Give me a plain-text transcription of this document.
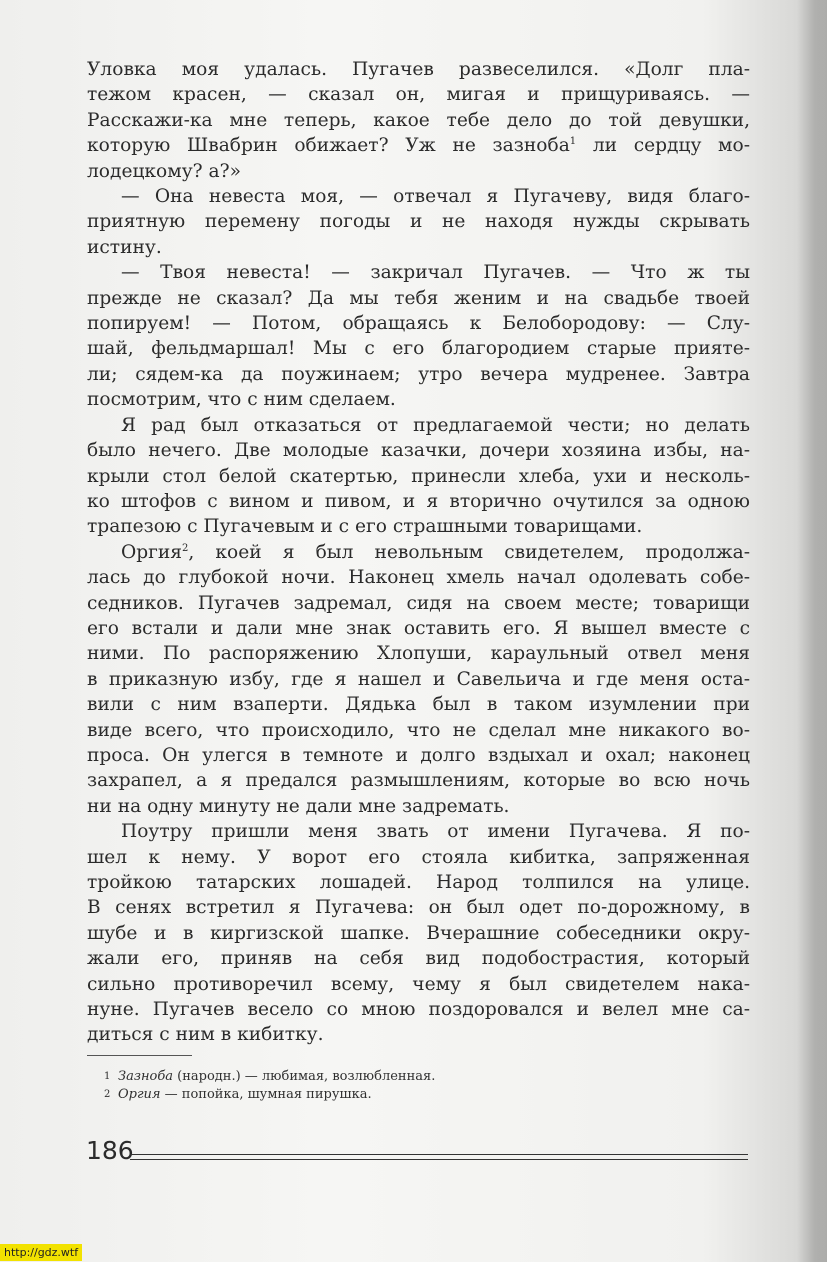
Уловка моя удалась. Пугачев развеселился. «Долг пла-
тежом красен, — сказал он, мигая и прищуриваясь. —
Расскажи-ка мне теперь, какое тебе дело до той девушки,
которую Швабрин обижает? Уж не зазноба$^1$ ли сердцу мо-
лодецкому? а?»

— Она невеста моя, — отвечал я Пугачеву, видя благо-
приятную перемену погоды и не находя нужды скрывать
истину.

— Твоя невеста! — закричал Пугачев. — Что ж ты
прежде не сказал? Да мы тебя женим и на свадьбе твоей
попируем! — Потом, обращаясь к Белобородову: — Слу-
шай, фельдмаршал! Мы с его благородием старые прияте-
ли; сядем-ка да поужинаем; утро вечера мудренее. Завтра
посмотрим, что с ним сделаем.

Я рад был отказаться от предлагаемой чести; но делать
было нечего. Две молодые казачки, дочери хозяина избы, на-
крыли стол белой скатертью, принесли хлеба, ухи и несколь-
ко штофов с вином и пивом, и я вторично очутился за одною
трапезою с Пугачевым и с его страшными товарищами.

Оргия$^2$, коей я был невольным свидетелем, продолжа-
лась до глубокой ночи. Наконец хмель начал одолевать собе-
седников. Пугачев задремал, сидя на своем месте; товарищи
его встали и дали мне знак оставить его. Я вышел вместе с
ними. По распоряжению Хлопуши, караульный отвел меня
в приказную избу, где я нашел и Савельича и где меня оста-
вили с ним взаперти. Дядька был в таком изумлении при
виде всего, что происходило, что не сделал мне никакого во-
проса. Он улегся в темноте и долго вздыхал и охал; наконец
захрапел, а я предался размышлениям, которые во всю ночь
ни на одну минуту не дали мне задремать.

Поутру пришли меня звать от имени Пугачева. Я по-
шел к нему. У ворот его стояла кибитка, запряженная
тройкою татарских лошадей. Народ толпился на улице.
В сенях встретил я Пугачева: он был одет по-дорожному, в
шубе и в киргизской шапке. Вчерашние собеседники окру-
жали его, приняв на себя вид подобострастия, который
сильно противоречил всему, чему я был свидетелем нака-
нуне. Пугачев весело со мною поздоровался и велел мне са-
диться с ним в кибитку.

1 Зазноба (народн.) — любимая, возлюбленная.
2 Оргия — попойка, шумная пирушка.
186
http://gdz.wtf
